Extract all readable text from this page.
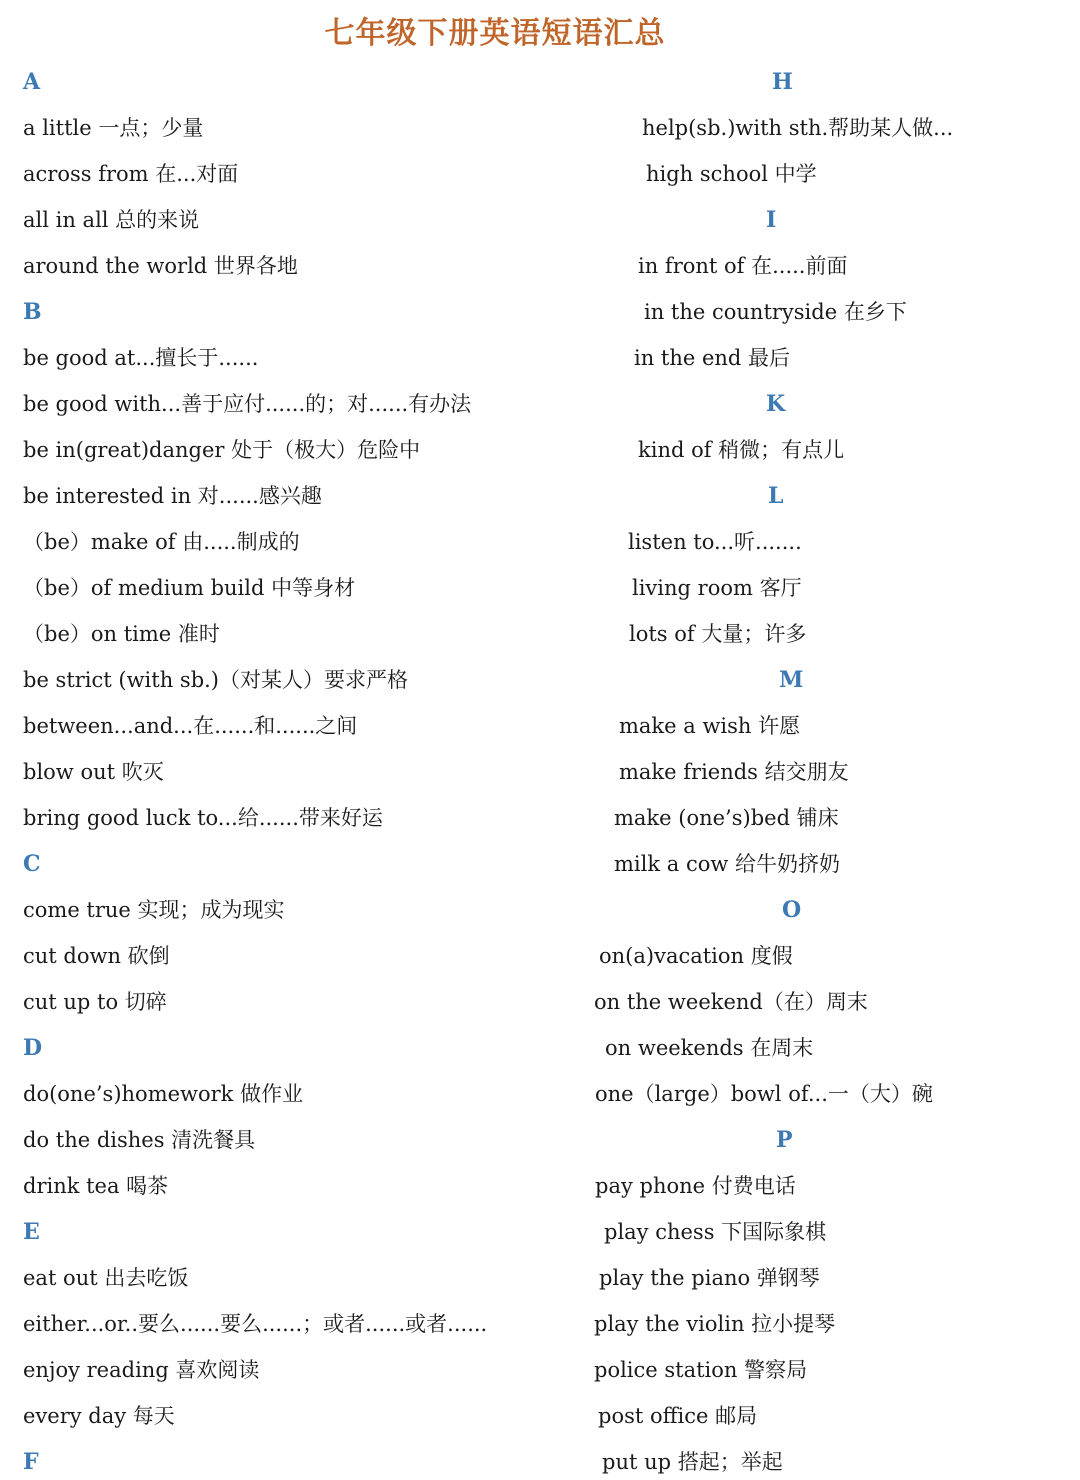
七年级下册英语短语汇总
A
a little 一点；少量
across from 在...对面
all in all 总的来说
around the world 世界各地
B
be good at...擅长于......
be good with...善于应付......的；对......有办法
be in(great)danger 处于（极大）危险中
be interested in 对......感兴趣
（be）make of 由.....制成的
（be）of medium build 中等身材
（be）on time 准时
be strict (with sb.)（对某人）要求严格
between...and...在......和......之间
blow out 吹灭
bring good luck to...给......带来好运
C
come true 实现；成为现实
cut down 砍倒
cut up to 切碎
D
do(one’s)homework 做作业
do the dishes 清洗餐具
drink tea 喝茶
E
eat out 出去吃饭
either...or..要么......要么......；或者......或者......
enjoy reading 喜欢阅读
every day 每天
F
H
help(sb.)with sth.帮助某人做...
high school 中学
I
in front of 在.....前面
in the countryside 在乡下
in the end 最后
K
kind of 稍微；有点儿
L
listen to...听.......
living room 客厅
lots of 大量；许多
M
make a wish 许愿
make friends 结交朋友
make (one’s)bed 铺床
milk a cow 给牛奶挤奶
O
on(a)vacation 度假
on the weekend（在）周末
on weekends 在周末
one（large）bowl of...一（大）碗
P
pay phone 付费电话
play chess 下国际象棋
play the piano 弹钢琴
play the violin 拉小提琴
police station 警察局
post office 邮局
put up 搭起；举起
